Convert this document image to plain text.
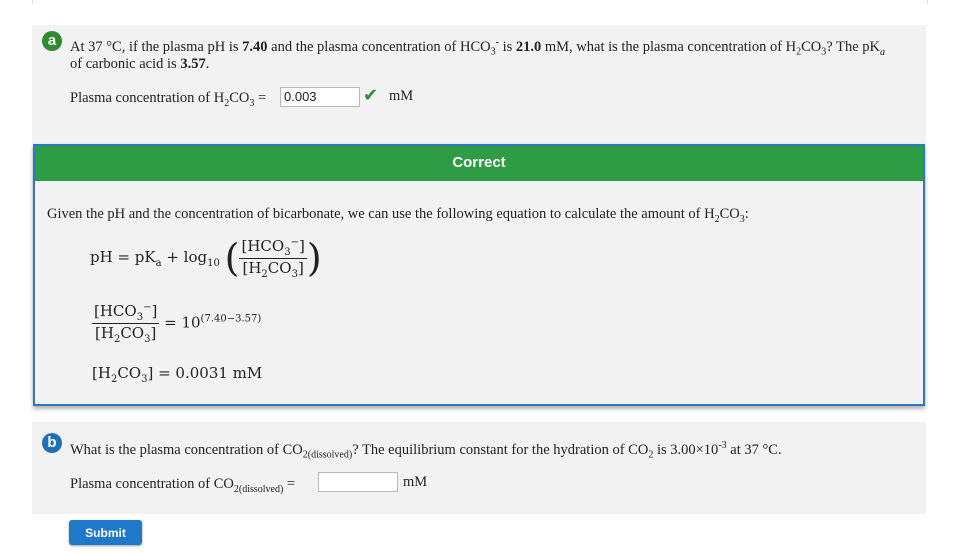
a At 37 °C, if the plasma pH is 7.40 and the plasma concentration of $HCO_3^-$ is 21.0 mM, what is the plasma concentration of $H_2CO_3$? The $pK_a$
of carbonic acid is 3.57.
Plasma concentration of $H_2CO_3$ =	0.003	✔ mM
Correct
Given the pH and the concentration of bicarbonate, we can use the following equation to calculate the amount of $H_2CO_3$:
pH = $pK_a + \log_{10}$ ( $\frac{[HCO_3^-]}{[H_2CO_3]}$ )
$\frac{[HCO_3^-]}{[H_2CO_3]} = 10^{(7.40-3.57)}$
$[H_2CO_3] = 0.0031$ mM
b What is the plasma concentration of $CO_{2(dissolved)}$? The equilibrium constant for the hydration of $CO_2$ is $3.00\times 10^{-3}$ at 37 °C.
Plasma concentration of $CO_{2(dissolved)}$ =	mM
Submit
